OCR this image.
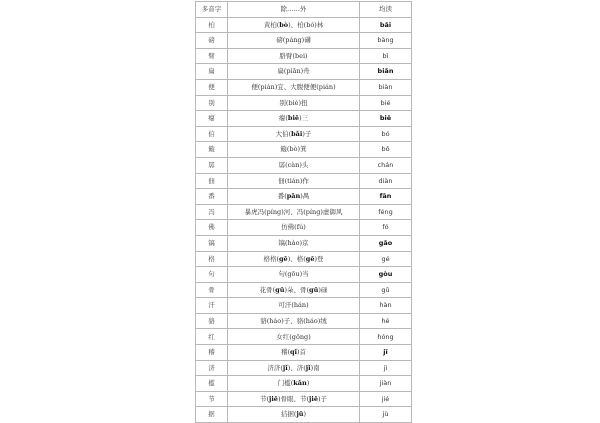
多音字	除……外	均读
柏	黄柏(bò)、柏(bó)林	bǎi
磅	磅(páng)礴	bàng
臂	胳臂(bei)	bì
扁	扁(piān)舟	biǎn
便	便(pián)宜、大腹便便(pián)	biàn
别	别(biè)扭	bié
瘪	瘪(biē)三	biě
伯	大伯(bǎi)子	bó
簸	簸(bò)箕	bǒ
孱	孱(càn)头	chán
佃	佃(tián)作	diàn
番	番(pān)禺	fān
冯	暴虎冯(píng)河、冯(píng)虚御风	féng
佛	仿佛(fú)	fó
镐	镐(hào)京	gǎo
格	格格(gē)、格(gē)登	gé
句	句(gōu)当	gòu
骨	花骨(gū)朵、骨(gū)碌	gǔ
汗	可汗(hán)	hàn
貉	貉(háo)子、貉(háo)绒	hé
红	女红(gōng)	hóng
稽	稽(qǐ)首	jī
济	济济(jǐ)、济(jǐ)南	jì
槛	门槛(kǎn)	jiàn
节	节(jiē)骨眼、节(jiē)子	jié
据	拮据(jū)	jù
